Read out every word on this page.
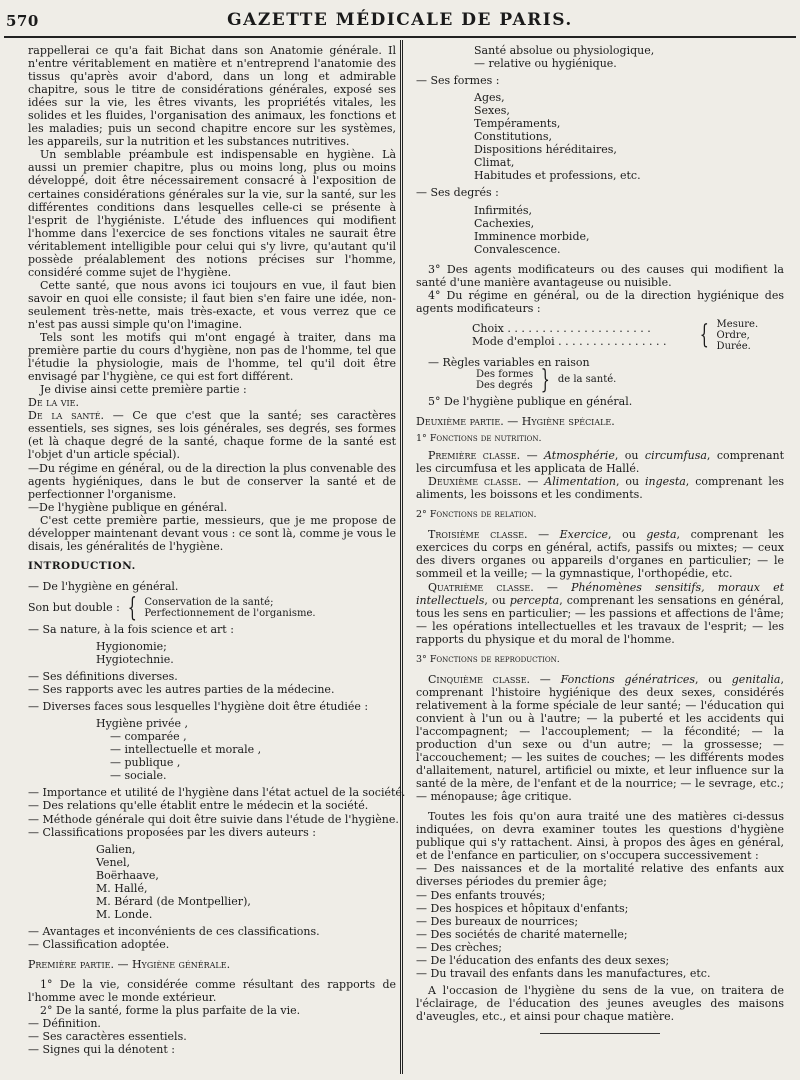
570	GAZETTE MÉDICALE DE PARIS.

rappellerai ce qu'a fait Bichat dans son Anatomie générale. Il n'entre véritablement en matière et n'entreprend l'anatomie des tissus qu'après avoir d'abord, dans un long et admirable chapitre, sous le titre de considérations générales, exposé ses idées sur la vie, les êtres vivants, les propriétés vitales, les solides et les fluides, l'organisation des animaux, les fonctions et les maladies; puis un second chapitre encore sur les systèmes, les appareils, sur la nutrition et les substances nutritives.

Un semblable préambule est indispensable en hygiène. Là aussi un premier chapitre, plus ou moins long, plus ou moins développé, doit être nécessairement consacré à l'exposition de certaines considérations générales sur la vie, sur la santé, sur les différentes conditions dans lesquelles celle-ci se présente à l'esprit de l'hygiéniste. L'étude des influences qui modifient l'homme dans l'exercice de ses fonctions vitales ne saurait être véritablement intelligible pour celui qui s'y livre, qu'autant qu'il possède préalablement des notions précises sur l'homme, considéré comme sujet de l'hygiène.

Cette santé, que nous avons ici toujours en vue, il faut bien savoir en quoi elle consiste; il faut bien s'en faire une idée, non-seulement très-nette, mais très-exacte, et vous verrez que ce n'est pas aussi simple qu'on l'imagine.

Tels sont les motifs qui m'ont engagé à traiter, dans ma première partie du cours d'hygiène, non pas de l'homme, tel que l'étudie la physiologie, mais de l'homme, tel qu'il doit être envisagé par l'hygiène, ce qui est fort différent.

Je divise ainsi cette première partie :

De la vie.

De la santé. — Ce que c'est que la santé; ses caractères essentiels, ses signes, ses lois générales, ses degrés, ses formes (et là chaque degré de la santé, chaque forme de la santé est l'objet d'un article spécial).

—Du régime en général, ou de la direction la plus convenable des agents hygiéniques, dans le but de conserver la santé et de perfectionner l'organisme.

—De l'hygiène publique en général.

C'est cette première partie, messieurs, que je me propose de développer maintenant devant vous : ce sont là, comme je vous le disais, les généralités de l'hygiène.

INTRODUCTION.

— De l'hygiène en général.
Son but double : { Conservation de la santé;
Perfectionnement de l'organisme.
— Sa nature, à la fois science et art :
Hygionomie;
Hygiotechnie.
— Ses définitions diverses.
— Ses rapports avec les autres parties de la médecine.
— Diverses faces sous lesquelles l'hygiène doit être étudiée :
Hygiène privée ,
— comparée ,
— intellectuelle et morale ,
— publique ,
— sociale.
— Importance et utilité de l'hygiène dans l'état actuel de la société.
— Des relations qu'elle établit entre le médecin et la société.
— Méthode générale qui doit être suivie dans l'étude de l'hygiène.
— Classifications proposées par les divers auteurs :
Galien,
Venel,
Boërhaave,
M. Hallé,
M. Bérard (de Montpellier),
M. Londe.
— Avantages et inconvénients de ces classifications.
— Classification adoptée.

Première partie. — Hygiène générale.

1° De la vie, considérée comme résultant des rapports de l'homme avec le monde extérieur.

2° De la santé, forme la plus parfaite de la vie.

— Définition.
— Ses caractères essentiels.
— Signes qui la dénotent :
Santé absolue ou physiologique,
— relative ou hygiénique.
— Ses formes :
Ages,
Sexes,
Tempéraments,
Constitutions,
Dispositions héréditaires,
Climat,
Habitudes et professions, etc.
— Ses degrés :
Infirmités,
Cachexies,
Imminence morbide,
Convalescence.

3° Des agents modificateurs ou des causes qui modifient la santé d'une manière avantageuse ou nuisible.

4° Du régime en général, ou de la direction hygiénique des agents modificateurs :

Choix . . . . . . . . . . . . . . . . . . . . .
Mode d'emploi . . . . . . . . . . . . . . . .	{ Mesure.
Ordre,
Durée.
— Règles variables en raison
Des formes
Des degrés } de la santé.

5° De l'hygiène publique en général.

Deuxième partie. — Hygiène spéciale.

1° Fonctions de nutrition.

Première classe. — Atmosphérie, ou circumfusa, comprenant les circumfusa et les applicata de Hallé.

Deuxième classe. — Alimentation, ou ingesta, comprenant les aliments, les boissons et les condiments.

2° Fonctions de relation.

Troisième classe. — Exercice, ou gesta, comprenant les exercices du corps en général, actifs, passifs ou mixtes; — ceux des divers organes ou appareils d'organes en particulier; — le sommeil et la veille; — la gymnastique, l'orthopédie, etc.

Quatrième classe. — Phénomènes sensitifs, moraux et intellectuels, ou percepta, comprenant les sensations en général, tous les sens en particulier; — les passions et affections de l'âme; — les opérations intellectuelles et les travaux de l'esprit; — les rapports du physique et du moral de l'homme.

3° Fonctions de reproduction.

Cinquième classe. — Fonctions génératrices, ou genitalia, comprenant l'histoire hygiénique des deux sexes, considérés relativement à la forme spéciale de leur santé; — l'éducation qui convient à l'un ou à l'autre; — la puberté et les accidents qui l'accompagnent; — l'accouplement; — la fécondité; — la production d'un sexe ou d'un autre; — la grossesse; — l'accouchement; — les suites de couches; — les différents modes d'allaitement, naturel, artificiel ou mixte, et leur influence sur la santé de la mère, de l'enfant et de la nourrice; — le sevrage, etc.; — ménopause; âge critique.

Toutes les fois qu'on aura traité une des matières ci-dessus indiquées, on devra examiner toutes les questions d'hygiène publique qui s'y rattachent. Ainsi, à propos des âges en général, et de l'enfance en particulier, on s'occupera successivement :

— Des naissances et de la mortalité relative des enfants aux diverses périodes du premier âge;

— Des enfants trouvés;
— Des hospices et hôpitaux d'enfants;
— Des bureaux de nourrices;
— Des sociétés de charité maternelle;
— Des crèches;
— De l'éducation des enfants des deux sexes;
— Du travail des enfants dans les manufactures, etc.

A l'occasion de l'hygiène du sens de la vue, on traitera de l'éclairage, de l'éducation des jeunes aveugles des maisons d'aveugles, etc., et ainsi pour chaque matière.
